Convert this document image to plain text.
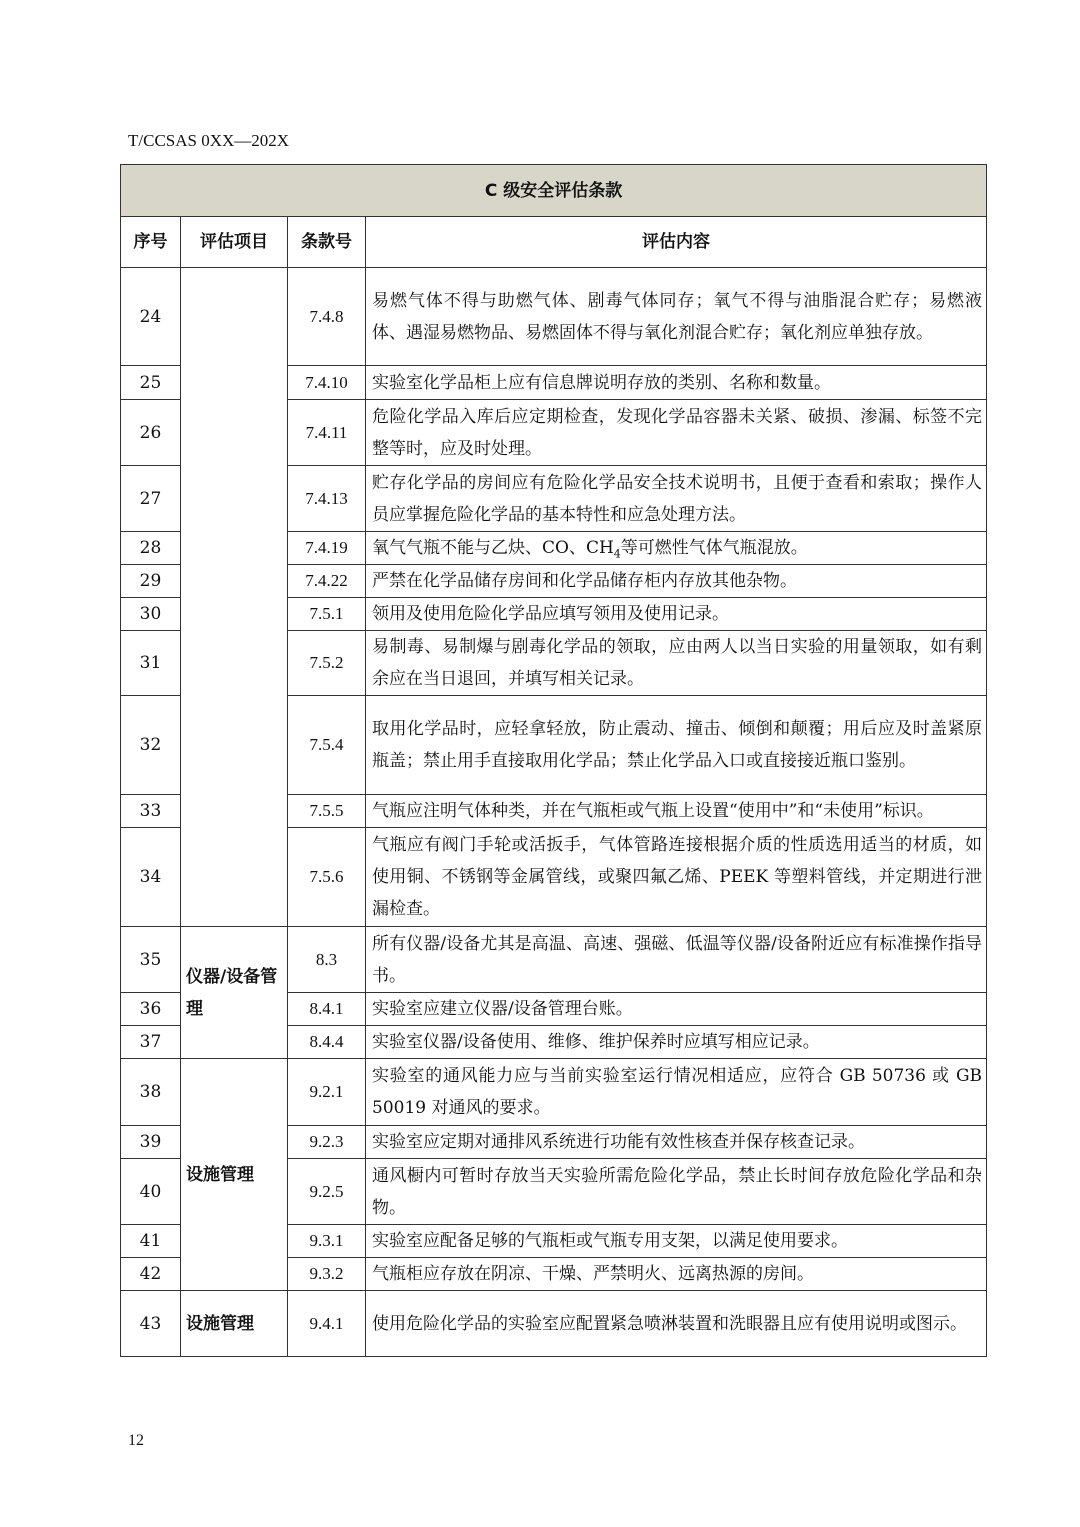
T/CCSAS 0XX—202X
C 级安全评估条款			
序号	评估项目	条款号	评估内容
24		7.4.8	易燃气体不得与助燃气体、剧毒气体同存；氧气不得与油脂混合贮存；易燃液体、遇湿易燃物品、易燃固体不得与氧化剂混合贮存；氧化剂应单独存放。
25		7.4.10	实验室化学品柜上应有信息牌说明存放的类别、名称和数量。
26		7.4.11	危险化学品入库后应定期检查，发现化学品容器未关紧、破损、渗漏、标签不完整等时，应及时处理。
27		7.4.13	贮存化学品的房间应有危险化学品安全技术说明书，且便于查看和索取；操作人员应掌握危险化学品的基本特性和应急处理方法。
28		7.4.19	氧气气瓶不能与乙炔、CO、$CH_4$等可燃性气体气瓶混放。
29		7.4.22	严禁在化学品储存房间和化学品储存柜内存放其他杂物。
30		7.5.1	领用及使用危险化学品应填写领用及使用记录。
31		7.5.2	易制毒、易制爆与剧毒化学品的领取，应由两人以当日实验的用量领取，如有剩余应在当日退回，并填写相关记录。
32		7.5.4	取用化学品时，应轻拿轻放，防止震动、撞击、倾倒和颠覆；用后应及时盖紧原瓶盖；禁止用手直接取用化学品；禁止化学品入口或直接接近瓶口鉴别。
33		7.5.5	气瓶应注明气体种类，并在气瓶柜或气瓶上设置“使用中”和“未使用”标识。
34		7.5.6	气瓶应有阀门手轮或活扳手，气体管路连接根据介质的性质选用适当的材质，如使用铜、不锈钢等金属管线，或聚四氟乙烯、PEEK 等塑料管线，并定期进行泄漏检查。
35	仪器/设备管理	8.3	所有仪器/设备尤其是高温、高速、强磁、低温等仪器/设备附近应有标准操作指导书。
36		8.4.1	实验室应建立仪器/设备管理台账。
37		8.4.4	实验室仪器/设备使用、维修、维护保养时应填写相应记录。
38	设施管理	9.2.1	实验室的通风能力应与当前实验室运行情况相适应，应符合 GB 50736 或 GB 50019 对通风的要求。
39		9.2.3	实验室应定期对通排风系统进行功能有效性核查并保存核查记录。
40		9.2.5	通风橱内可暂时存放当天实验所需危险化学品，禁止长时间存放危险化学品和杂物。
41		9.3.1	实验室应配备足够的气瓶柜或气瓶专用支架，以满足使用要求。
42		9.3.2	气瓶柜应存放在阴凉、干燥、严禁明火、远离热源的房间。
43	设施管理	9.4.1	使用危险化学品的实验室应配置紧急喷淋装置和洗眼器且应有使用说明或图示。
12
